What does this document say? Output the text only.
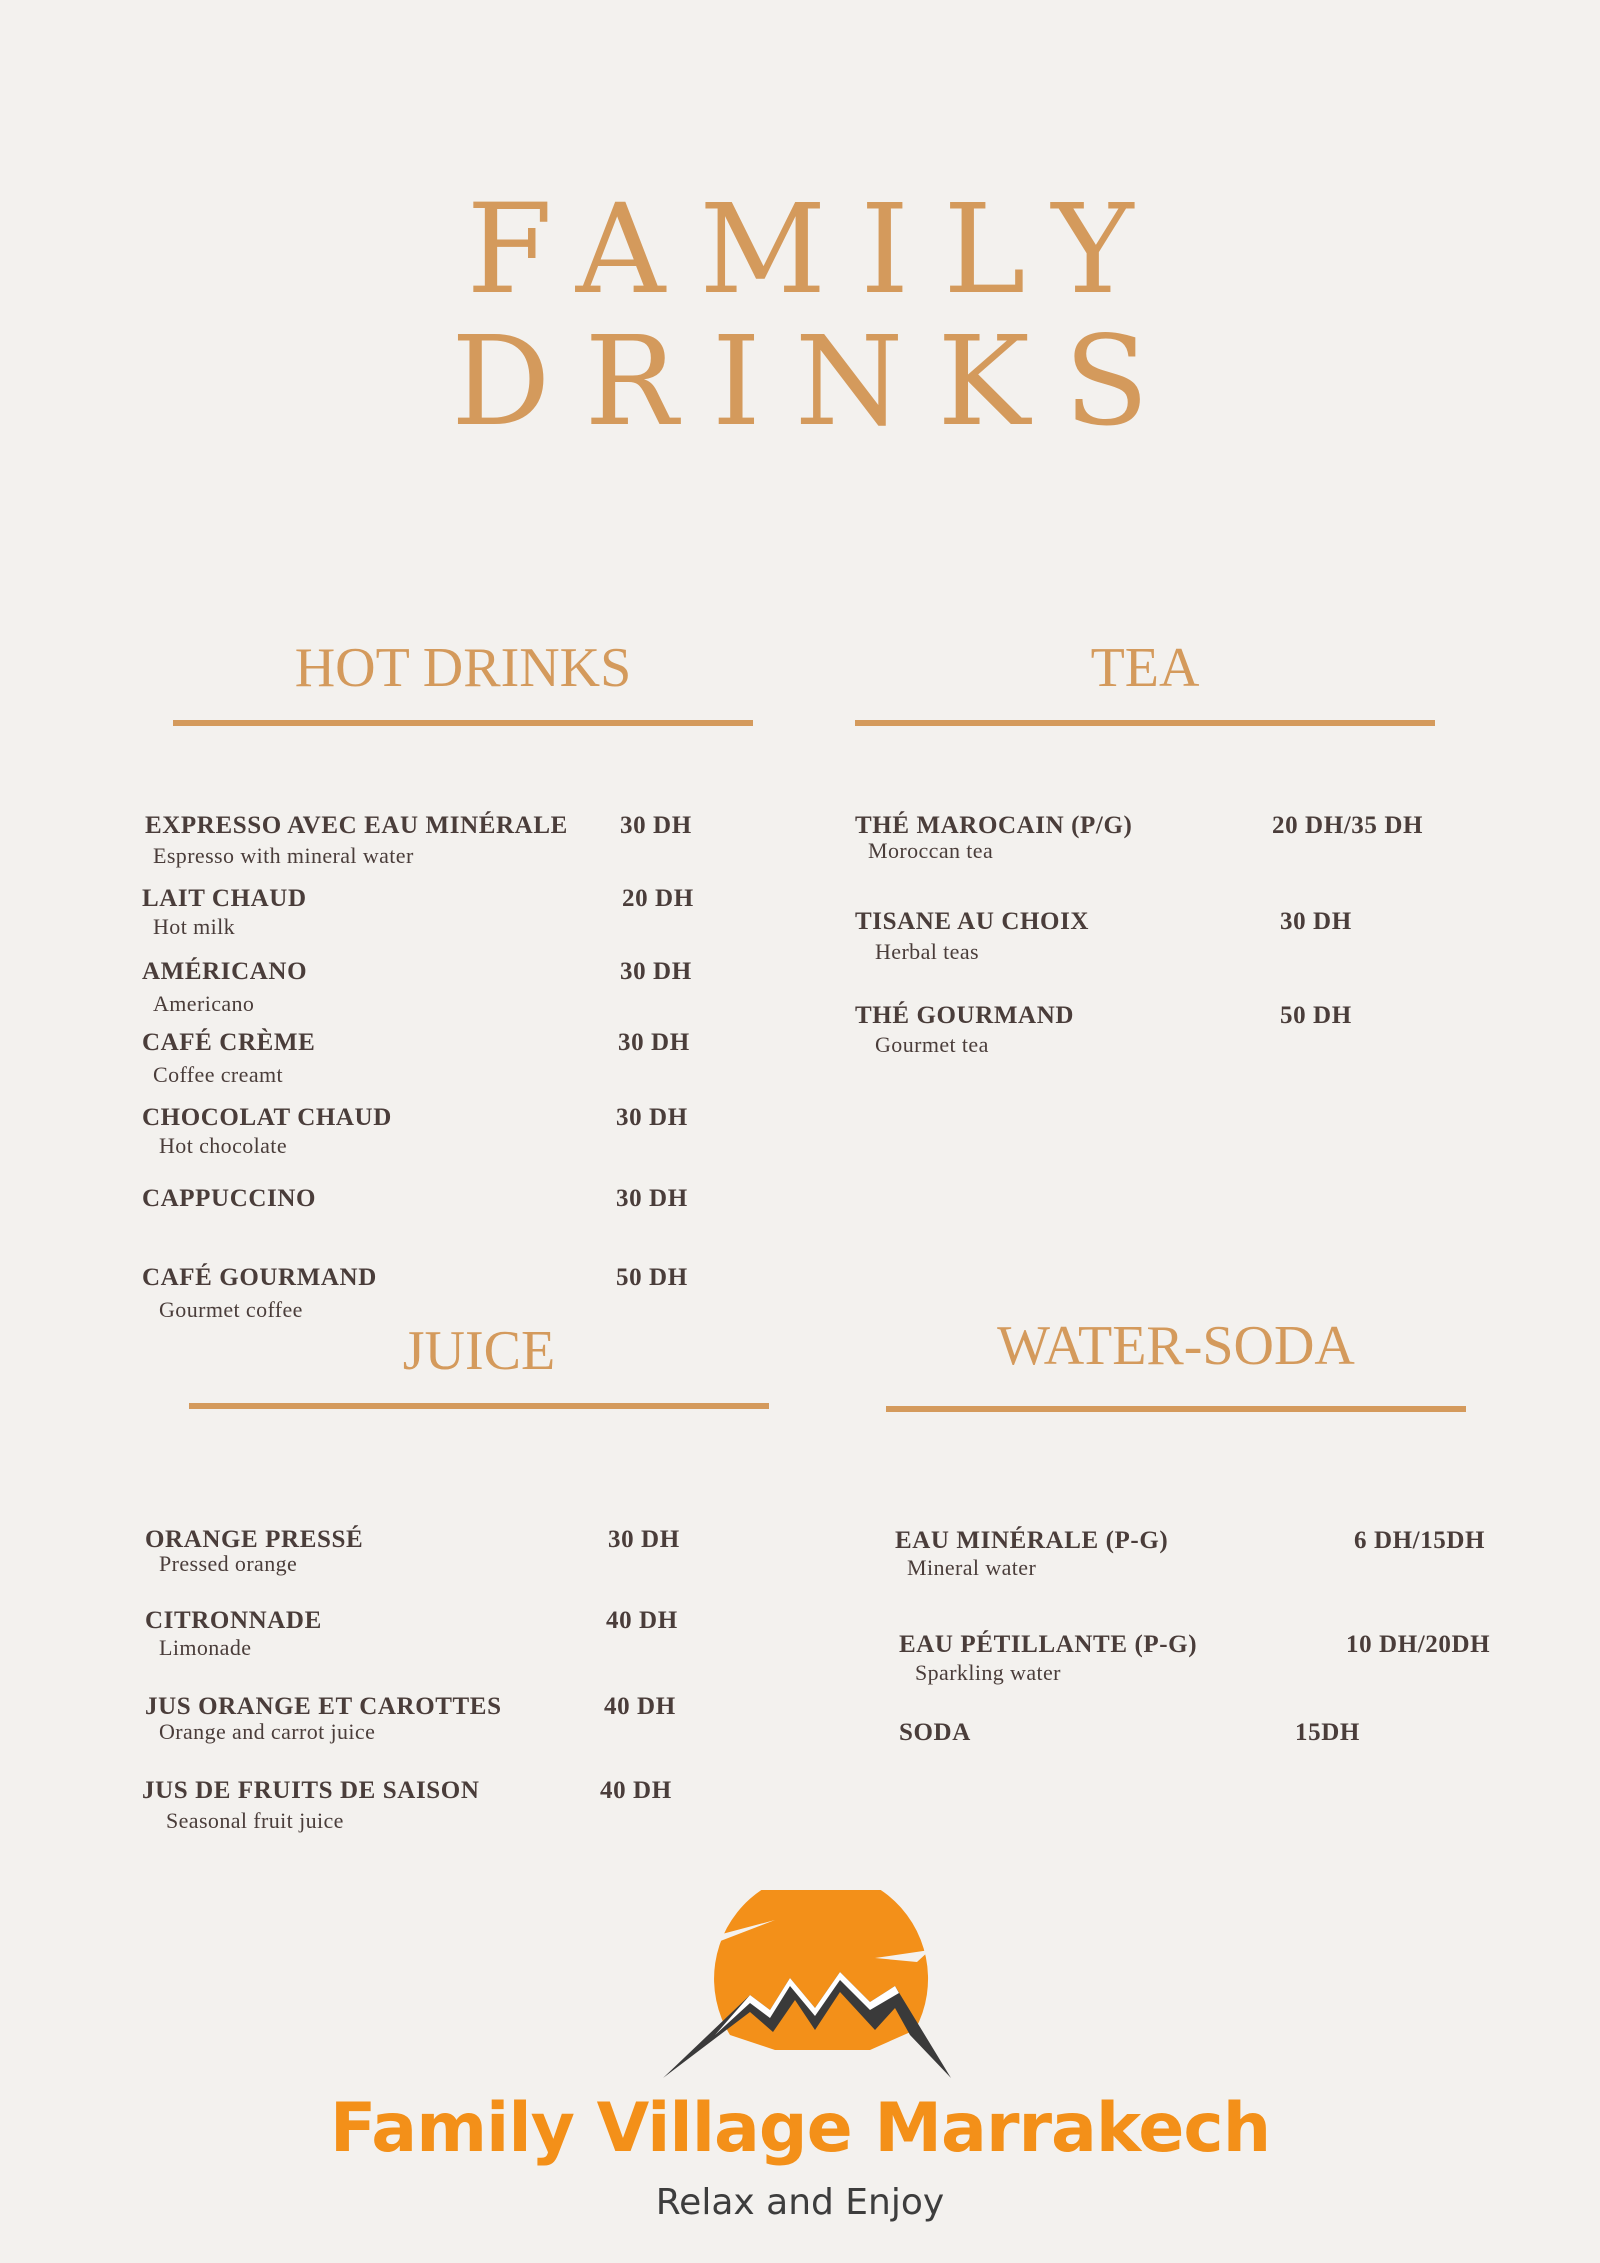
FAMILY
DRINKS
HOT DRINKS
EXPRESSO AVEC EAU MINÉRALE
Espresso with mineral water
30 DH
LAIT CHAUD
Hot milk
20 DH
AMÉRICANO
Americano
30 DH
CAFÉ CRÈME
Coffee creamt
30 DH
CHOCOLAT CHAUD
Hot chocolate
30 DH
CAPPUCCINO	30 DH
CAFÉ GOURMAND
Gourmet coffee
50 DH
TEA
THÉ MAROCAIN (P/G)
Moroccan tea
20 DH/35 DH
TISANE AU CHOIX
Herbal teas
30 DH
THÉ GOURMAND
Gourmet tea
50 DH
JUICE
ORANGE PRESSÉ
Pressed orange
30 DH
CITRONNADE
Limonade
40 DH
JUS ORANGE ET CAROTTES
Orange and carrot juice
40 DH
JUS DE FRUITS DE SAISON
Seasonal fruit juice
40 DH
WATER-SODA
EAU MINÉRALE (P-G)
Mineral water
6 DH/15DH
EAU PÉTILLANTE (P-G)
Sparkling water
10 DH/20DH
SODA	15DH
Family Village Marrakech
Relax and Enjoy
